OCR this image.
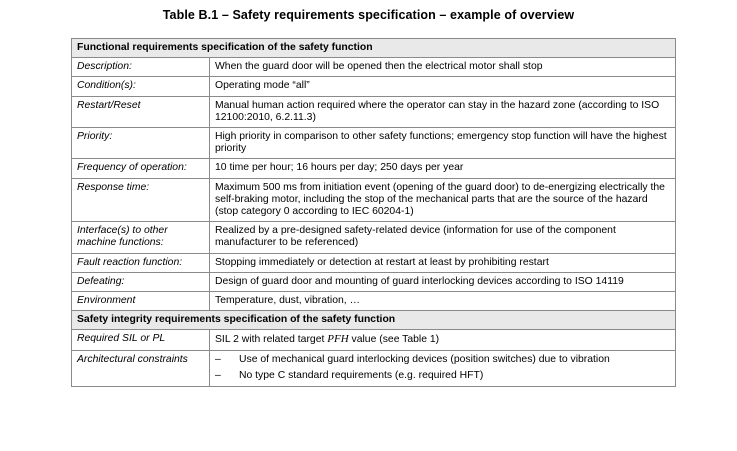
Table B.1 – Safety requirements specification – example of overview
Functional requirements specification of the safety function	
Description:	When the guard door will be opened then the electrical motor shall stop
Condition(s):	Operating mode “all”
Restart/Reset	Manual human action required where the operator can stay in the hazard zone (according to ISO 12100:2010, 6.2.11.3)
Priority:	High priority in comparison to other safety functions; emergency stop function will have the highest priority
Frequency of operation:	10 time per hour; 16 hours per day; 250 days per year
Response time:	Maximum 500 ms from initiation event (opening of the guard door) to de-energizing electrically the self-braking motor, including the stop of the mechanical parts that are the source of the hazard (stop category 0 according to IEC 60204-1)
Interface(s) to other machine functions:	Realized by a pre-designed safety-related device (information for use of the component manufacturer to be referenced)
Fault reaction function:	Stopping immediately or detection at restart at least by prohibiting restart
Defeating:	Design of guard door and mounting of guard interlocking devices according to ISO 14119
Environment	Temperature, dust, vibration, …
Safety integrity requirements specification of the safety function	
Required SIL or PL	SIL 2 with related target PFH value (see Table 1)
Architectural constraints	– Use of mechanical guard interlocking devices (position switches) due to vibration
– No type C standard requirements (e.g. required HFT)
